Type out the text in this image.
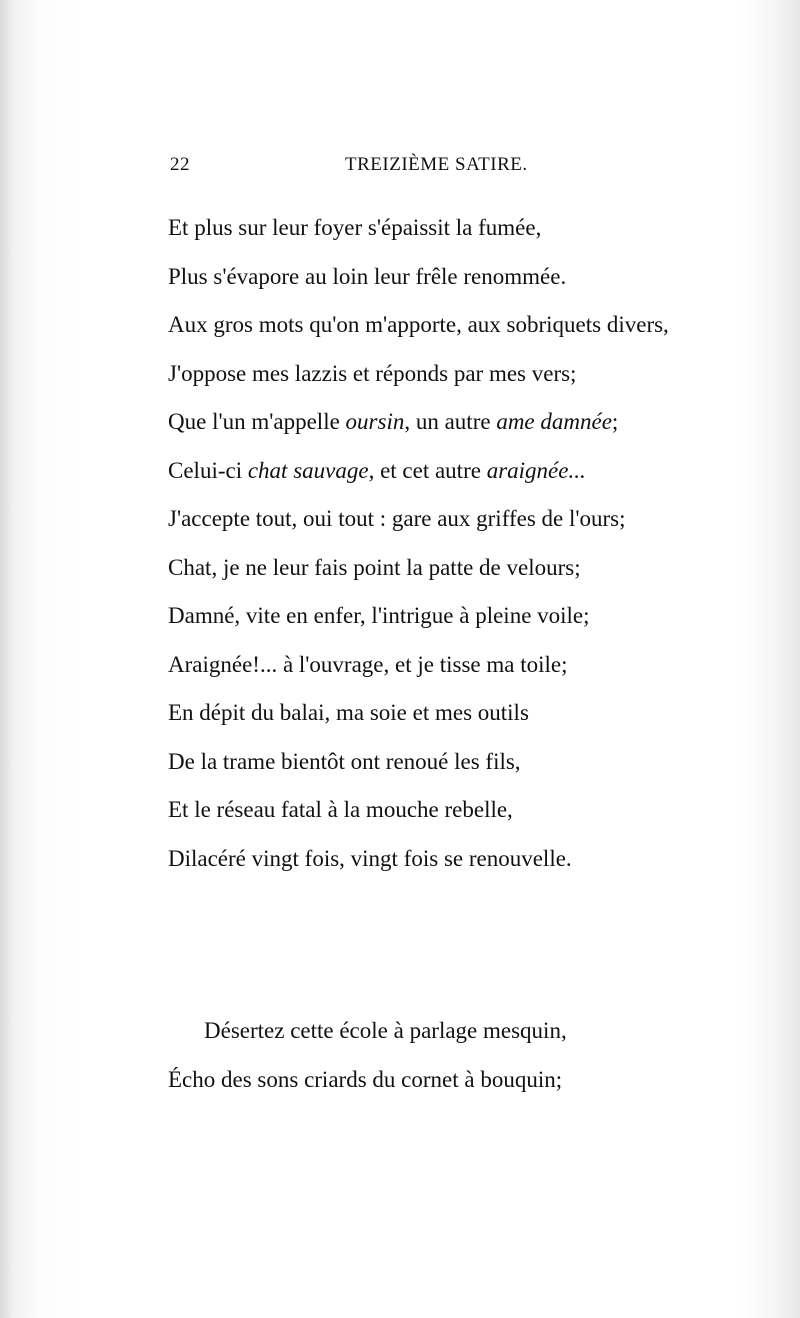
22	TREIZIÈME SATIRE.
Et plus sur leur foyer s'épaissit la fumée,
Plus s'évapore au loin leur frêle renommée.
Aux gros mots qu'on m'apporte, aux sobriquets divers,
J'oppose mes lazzis et réponds par mes vers;
Que l'un m'appelle oursin, un autre ame damnée;
Celui-ci chat sauvage, et cet autre araignée...
J'accepte tout, oui tout : gare aux griffes de l'ours;
Chat, je ne leur fais point la patte de velours;
Damné, vite en enfer, l'intrigue à pleine voile;
Araignée!... à l'ouvrage, et je tisse ma toile;
En dépit du balai, ma soie et mes outils
De la trame bientôt ont renoué les fils,
Et le réseau fatal à la mouche rebelle,
Dilacéré vingt fois, vingt fois se renouvelle.
Désertez cette école à parlage mesquin,
Écho des sons criards du cornet à bouquin;
